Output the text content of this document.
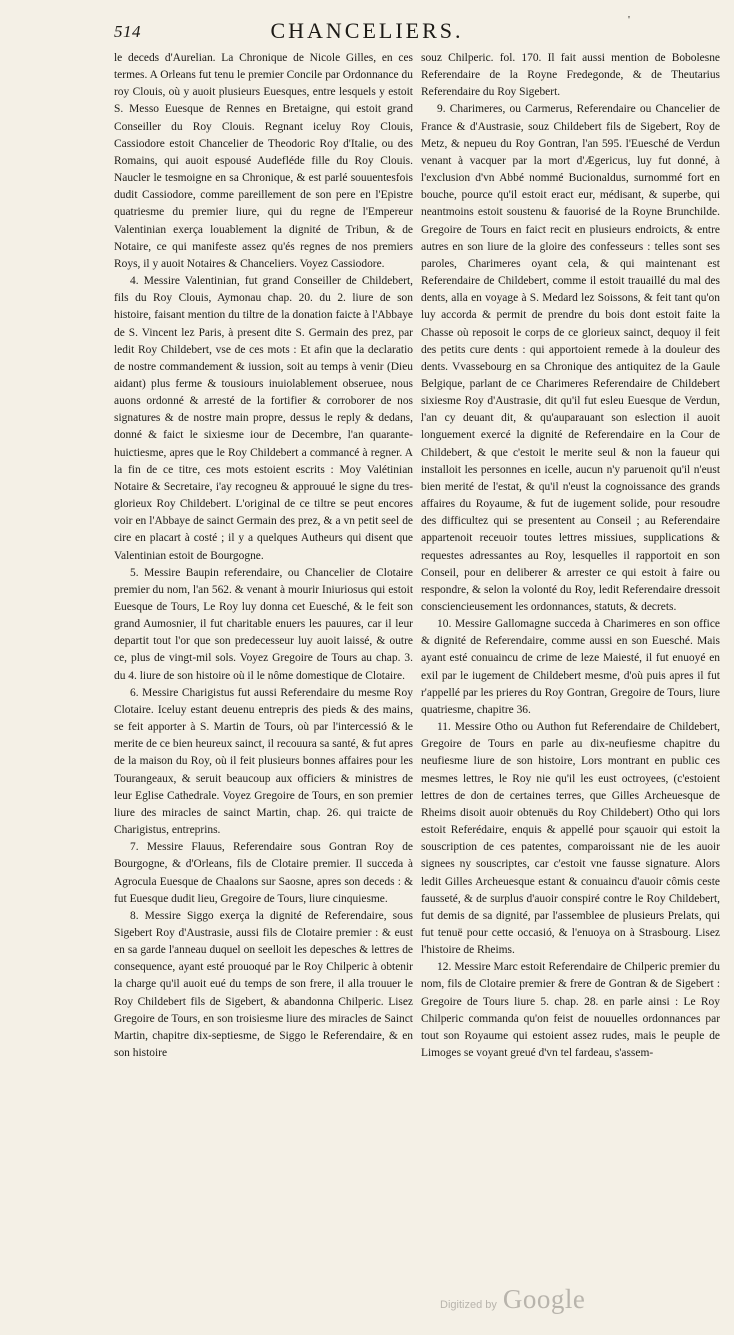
514	CHANCELIERS.	'

le deceds d'Aurelian. La Chronique de Nicole Gilles, en ces termes. A Orleans fut tenu le premier Concile par Ordonnance du roy Clouis, où y auoit plusieurs Euesques, entre lesquels y estoit S. Messo Euesque de Rennes en Bretaigne, qui estoit grand Conseiller du Roy Clouis. Regnant iceluy Roy Clouis, Cassiodore estoit Chancelier de Theodoric Roy d'Italie, ou des Romains, qui auoit espousé Audefléde fille du Roy Clouis. Naucler le tesmoigne en sa Chronique, & est parlé souuentesfois dudit Cassiodore, comme pareillement de son pere en l'Epistre quatriesme du premier liure, qui du regne de l'Empereur Valentinian exerça louablement la dignité de Tribun, & de Notaire, ce qui manifeste assez qu'és regnes de nos premiers Roys, il y auoit Notaires & Chanceliers. Voyez Cassiodore.

4. Messire Valentinian, fut grand Conseiller de Childebert, fils du Roy Clouis, Aymonau chap. 20. du 2. liure de son histoire, faisant mention du tiltre de la donation faicte à l'Abbaye de S. Vincent lez Paris, à present dite S. Germain des prez, par ledit Roy Childebert, vse de ces mots : Et afin que la declaratio de nostre commandement & iussion, soit au temps à venir (Dieu aidant) plus ferme & tousiours inuiolablement obseruee, nous auons ordonné & arresté de la fortifier & corroborer de nos signatures & de nostre main propre, dessus le reply & dedans, donné & faict le sixiesme iour de Decembre, l'an quarante-huictiesme, apres que le Roy Childebert a commancé à regner. A la fin de ce titre, ces mots estoient escrits : Moy Valétinian Notaire & Secretaire, i'ay recogneu & approuué le signe du tres-glorieux Roy Childebert. L'original de ce tiltre se peut encores voir en l'Abbaye de sainct Germain des prez, & a vn petit seel de cire en placart à costé ; il y a quelques Autheurs qui disent que Valentinian estoit de Bourgogne.

5. Messire Baupin referendaire, ou Chancelier de Clotaire premier du nom, l'an 562. & venant à mourir Iniuriosus qui estoit Euesque de Tours, Le Roy luy donna cet Euesché, & le feit son grand Aumosnier, il fut charitable enuers les pauures, car il leur departit tout l'or que son predecesseur luy auoit laissé, & outre ce, plus de vingt-mil sols. Voyez Gregoire de Tours au chap. 3. du 4. liure de son histoire où il le nôme domestique de Clotaire.

6. Messire Charigistus fut aussi Referendaire du mesme Roy Clotaire. Iceluy estant deuenu entrepris des pieds & des mains, se feit apporter à S. Martin de Tours, où par l'intercessió & le merite de ce bien heureux sainct, il recouura sa santé, & fut apres de la maison du Roy, où il feit plusieurs bonnes affaires pour les Tourangeaux, & seruit beaucoup aux officiers & ministres de leur Eglise Cathedrale. Voyez Gregoire de Tours, en son premier liure des miracles de sainct Martin, chap. 26. qui traicte de Charigistus, entreprins.

7. Messire Flauus, Referendaire sous Gontran Roy de Bourgogne, & d'Orleans, fils de Clotaire premier. Il succeda à Agrocula Euesque de Chaalons sur Saosne, apres son deceds : & fut Euesque dudit lieu, Gregoire de Tours, liure cinquiesme.

8. Messire Siggo exerça la dignité de Referendaire, sous Sigebert Roy d'Austrasie, aussi fils de Clotaire premier : & eust en sa garde l'anneau duquel on seelloit les depesches & lettres de consequence, ayant esté prouoqué par le Roy Chilperic à obtenir la charge qu'il auoit eué du temps de son frere, il alla trouuer le Roy Childebert fils de Sigebert, & abandonna Chilperic. Lisez Gregoire de Tours, en son troisiesme liure des miracles de Sainct Martin, chapitre dix-septiesme, de Siggo le Referendaire, & en son histoire

souz Chilperic. fol. 170. Il fait aussi mention de Bobolesne Referendaire de la Royne Fredegonde, & de Theutarius Referendaire du Roy Sigebert.

9. Charimeres, ou Carmerus, Referendaire ou Chancelier de France & d'Austrasie, souz Childebert fils de Sigebert, Roy de Metz, & nepueu du Roy Gontran, l'an 595. l'Euesché de Verdun venant à vacquer par la mort d'Ægericus, luy fut donné, à l'exclusion d'vn Abbé nommé Bucionaldus, surnommé fort en bouche, pource qu'il estoit eract eur, médisant, & superbe, qui neantmoins estoit soustenu & fauorisé de la Royne Brunchilde. Gregoire de Tours en faict recit en plusieurs endroicts, & entre autres en son liure de la gloire des confesseurs : telles sont ses paroles, Charimeres oyant cela, & qui maintenant est Referendaire de Childebert, comme il estoit trauaillé du mal des dents, alla en voyage à S. Medard lez Soissons, & feit tant qu'on luy accorda & permit de prendre du bois dont estoit faite la Chasse où reposoit le corps de ce glorieux sainct, dequoy il feit des petits cure dents : qui apportoient remede à la douleur des dents. Vvassebourg en sa Chronique des antiquitez de la Gaule Belgique, parlant de ce Charimeres Referendaire de Childebert sixiesme Roy d'Austrasie, dit qu'il fut esleu Euesque de Verdun, l'an cy deuant dit, & qu'auparauant son eslection il auoit longuement exercé la dignité de Referendaire en la Cour de Childebert, & que c'estoit le merite seul & non la faueur qui installoit les personnes en icelle, aucun n'y paruenoit qu'il n'eust bien merité de l'estat, & qu'il n'eust la cognoissance des grands affaires du Royaume, & fut de iugement solide, pour resoudre des difficultez qui se presentent au Conseil ; au Referendaire appartenoit receuoir toutes lettres missiues, supplications & requestes adressantes au Roy, lesquelles il rapportoit en son Conseil, pour en deliberer & arrester ce qui estoit à faire ou respondre, & selon la volonté du Roy, ledit Referendaire dressoit consciencieusement les ordonnances, statuts, & decrets.

10. Messire Gallomagne succeda à Charimeres en son office & dignité de Referendaire, comme aussi en son Euesché. Mais ayant esté conuaincu de crime de leze Maiesté, il fut enuoyé en exil par le iugement de Childebert mesme, d'où puis apres il fut r'appellé par les prieres du Roy Gontran, Gregoire de Tours, liure quatriesme, chapitre 36.

11. Messire Otho ou Authon fut Referendaire de Childebert, Gregoire de Tours en parle au dix-neufiesme chapitre du neufiesme liure de son histoire, Lors montrant en public ces mesmes lettres, le Roy nie qu'il les eust octroyees, (c'estoient lettres de don de certaines terres, que Gilles Archeuesque de Rheims disoit auoir obtenuës du Roy Childebert) Otho qui lors estoit Referédaire, enquis & appellé pour sçauoir qui estoit la souscription de ces patentes, comparoissant nie de les auoir signees ny souscriptes, car c'estoit vne fausse signature. Alors ledit Gilles Archeuesque estant & conuaincu d'auoir cômis ceste fausseté, & de surplus d'auoir conspiré contre le Roy Childebert, fut demis de sa dignité, par l'assemblee de plusieurs Prelats, qui fut tenuë pour cette occasió, & l'enuoya on à Strasbourg. Lisez l'histoire de Rheims.

12. Messire Marc estoit Referendaire de Chilperic premier du nom, fils de Clotaire premier & frere de Gontran & de Sigebert : Gregoire de Tours liure 5. chap. 28. en parle ainsi : Le Roy Chilperic commanda qu'on feist de nouuelles ordonnances par tout son Royaume qui estoient assez rudes, mais le peuple de Limoges se voyant greué d'vn tel fardeau, s'assem-

Digitized by Google
